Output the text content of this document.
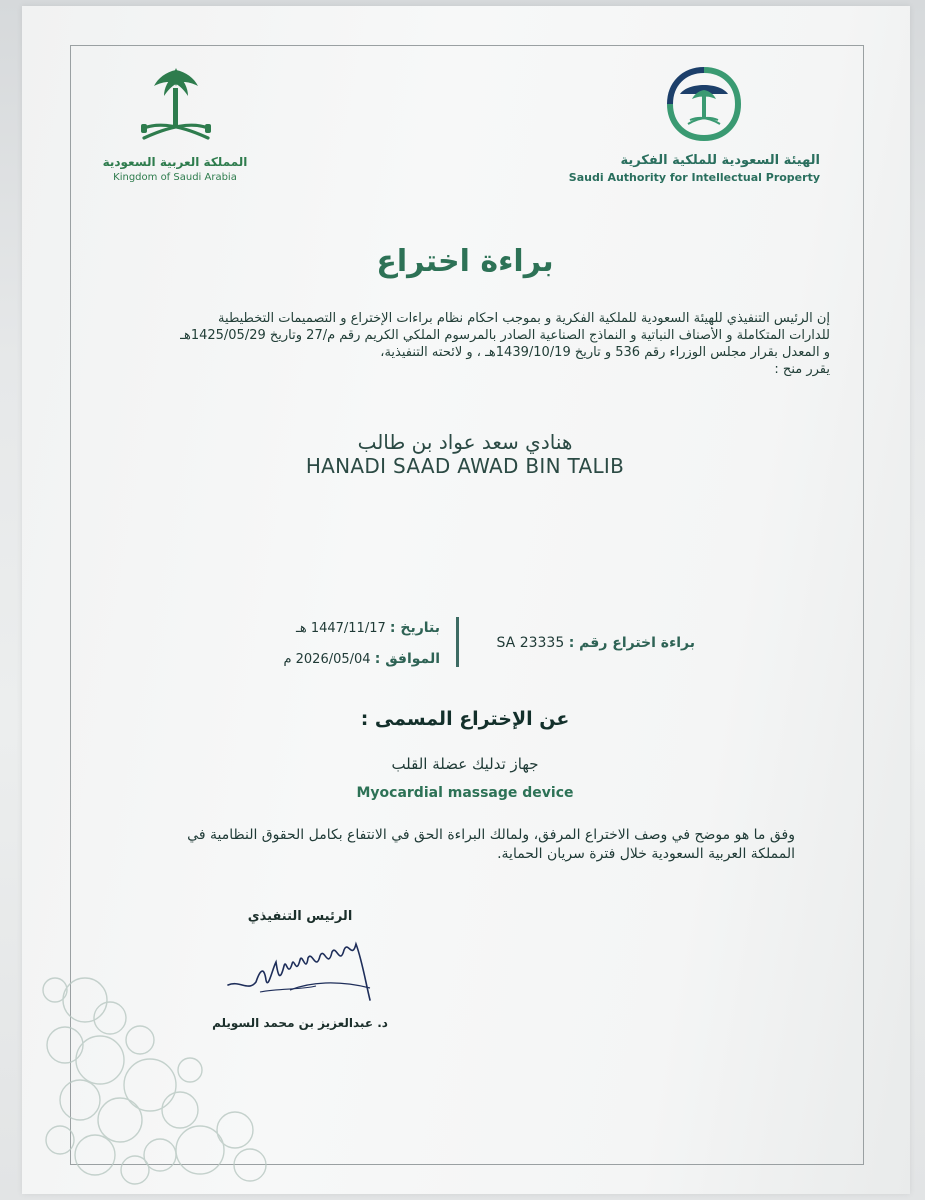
المملكة العربية السعودية
Kingdom of Saudi Arabia
الهيئة السعودية للملكية الفكرية
Saudi Authority for Intellectual Property
براءة اختراع
إن الرئيس التنفيذي للهيئة السعودية للملكية الفكرية و بموجب احكام نظام براءات الإختراع و التصميمات التخطيطية
للدارات المتكاملة و الأصناف النباتية و النماذج الصناعية الصادر بالمرسوم الملكي الكريم رقم م/27 وتاريخ 1425/05/29هـ
و المعدل بقرار مجلس الوزراء رقم 536 و تاريخ 1439/10/19هـ ، و لائحته التنفيذية،
يقرر منح :
هنادي سعد عواد بن طالب
HANADI SAAD AWAD BIN TALIB
براءة اختراع رقم : SA 23335
بتاريخ : 1447/11/17 هـ
الموافق : 2026/05/04 م
عن الإختراع المسمى :
جهاز تدليك عضلة القلب
Myocardial massage device
وفق ما هو موضح في وصف الاختراع المرفق، ولمالك البراءة الحق في الانتفاع بكامل الحقوق النظامية في
المملكة العربية السعودية خلال فترة سريان الحماية.
الرئيس التنفيذي
د. عبدالعزيز بن محمد السويلم
